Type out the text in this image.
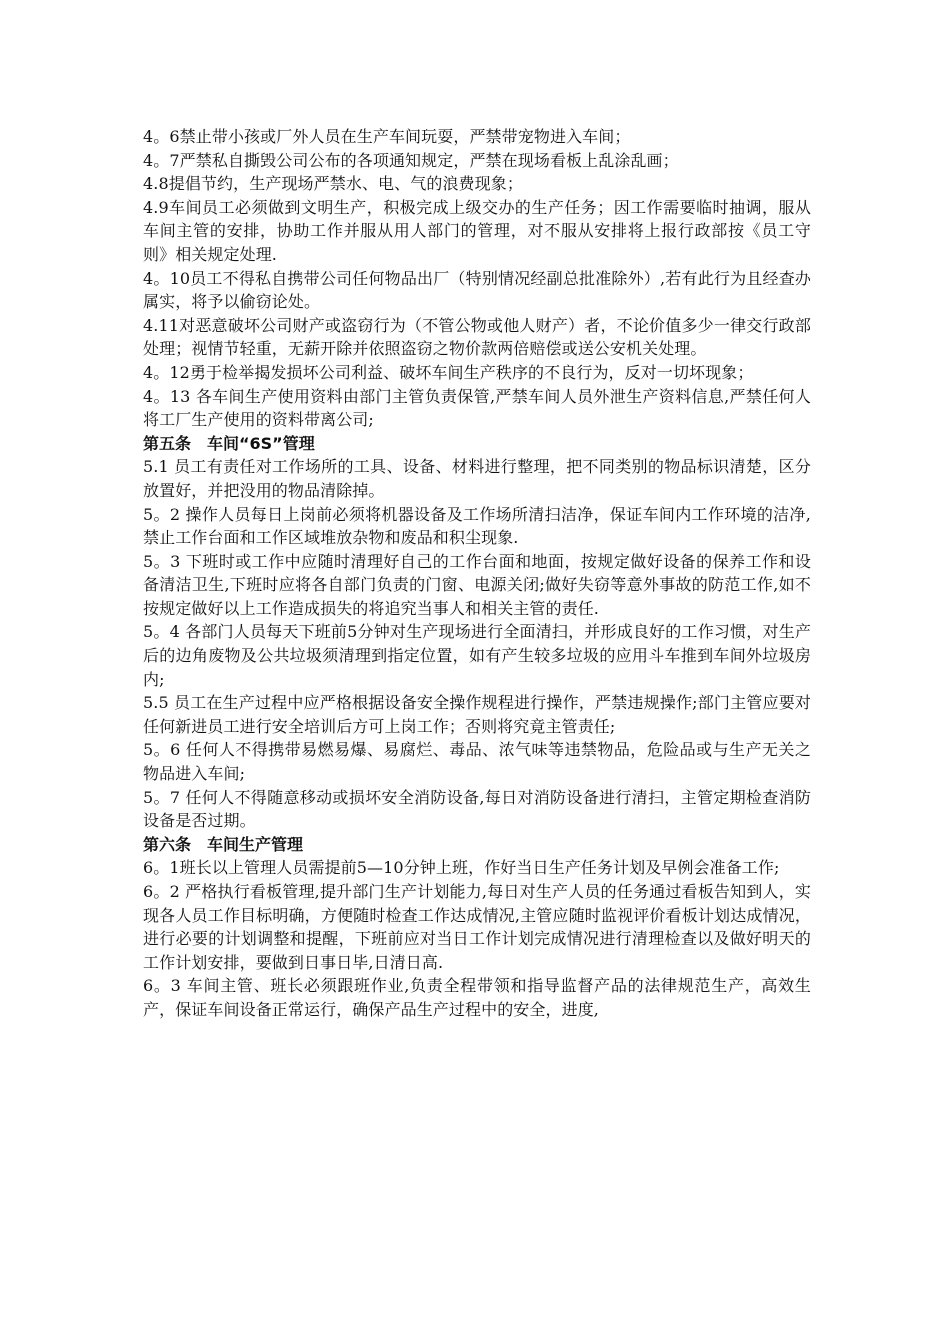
4。6禁止带小孩或厂外人员在生产车间玩耍，严禁带宠物进入车间；

4。7严禁私自撕毁公司公布的各项通知规定，严禁在现场看板上乱涂乱画；

4.8提倡节约，生产现场严禁水、电、气的浪费现象；

4.9车间员工必须做到文明生产，积极完成上级交办的生产任务；因工作需要临时抽调，服从车间主管的安排，协助工作并服从用人部门的管理，对不服从安排将上报行政部按《员工守则》相关规定处理.

4。10员工不得私自携带公司任何物品出厂（特别情况经副总批准除外）,若有此行为且经查办属实，将予以偷窃论处。

4.11对恶意破坏公司财产或盗窃行为（不管公物或他人财产）者，不论价值多少一律交行政部处理；视情节轻重，无薪开除并依照盗窃之物价款两倍赔偿或送公安机关处理。

4。12勇于检举揭发损坏公司利益、破坏车间生产秩序的不良行为，反对一切坏现象；

4。13 各车间生产使用资料由部门主管负责保管,严禁车间人员外泄生产资料信息,严禁任何人将工厂生产使用的资料带离公司;

第五条　车间“6S”管理

5.1 员工有责任对工作场所的工具、设备、材料进行整理，把不同类别的物品标识清楚，区分放置好，并把没用的物品清除掉。

5。2 操作人员每日上岗前必须将机器设备及工作场所清扫洁净，保证车间内工作环境的洁净,禁止工作台面和工作区域堆放杂物和废品和积尘现象.

5。3 下班时或工作中应随时清理好自己的工作台面和地面，按规定做好设备的保养工作和设备清洁卫生,下班时应将各自部门负责的门窗、电源关闭;做好失窃等意外事故的防范工作,如不按规定做好以上工作造成损失的将追究当事人和相关主管的责任.

5。4 各部门人员每天下班前5分钟对生产现场进行全面清扫，并形成良好的工作习惯，对生产后的边角废物及公共垃圾须清理到指定位置，如有产生较多垃圾的应用斗车推到车间外垃圾房内;

5.5 员工在生产过程中应严格根据设备安全操作规程进行操作，严禁违规操作;部门主管应要对任何新进员工进行安全培训后方可上岗工作；否则将究竟主管责任;

5。6 任何人不得携带易燃易爆、易腐烂、毒品、浓气味等违禁物品，危险品或与生产无关之物品进入车间;

5。7 任何人不得随意移动或损坏安全消防设备,每日对消防设备进行清扫，主管定期检查消防设备是否过期。

第六条　车间生产管理

6。1班长以上管理人员需提前5—10分钟上班，作好当日生产任务计划及早例会准备工作;

6。2 严格执行看板管理,提升部门生产计划能力,每日对生产人员的任务通过看板告知到人，实现各人员工作目标明确，方便随时检查工作达成情况,主管应随时监视评价看板计划达成情况，进行必要的计划调整和提醒，下班前应对当日工作计划完成情况进行清理检查以及做好明天的工作计划安排，要做到日事日毕,日清日高.

6。3 车间主管、班长必须跟班作业,负责全程带领和指导监督产品的法律规范生产，高效生产，保证车间设备正常运行，确保产品生产过程中的安全，进度,
